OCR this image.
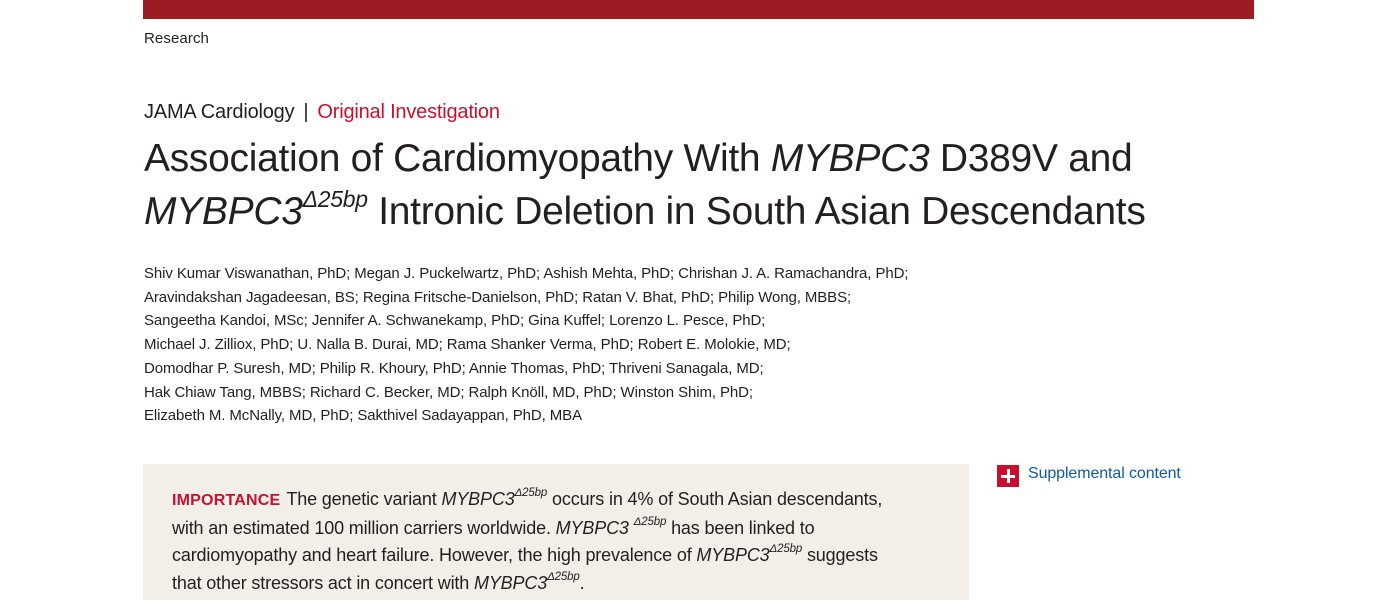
Research
JAMA Cardiology | Original Investigation
Association of Cardiomyopathy With MYBPC3 D389V and
$MYBPC3^{\Delta 25bp}$ Intronic Deletion in South Asian Descendants
Shiv Kumar Viswanathan, PhD; Megan J. Puckelwartz, PhD; Ashish Mehta, PhD; Chrishan J. A. Ramachandra, PhD;
Aravindakshan Jagadeesan, BS; Regina Fritsche-Danielson, PhD; Ratan V. Bhat, PhD; Philip Wong, MBBS;
Sangeetha Kandoi, MSc; Jennifer A. Schwanekamp, PhD; Gina Kuffel; Lorenzo L. Pesce, PhD;
Michael J. Zilliox, PhD; U. Nalla B. Durai, MD; Rama Shanker Verma, PhD; Robert E. Molokie, MD;
Domodhar P. Suresh, MD; Philip R. Khoury, PhD; Annie Thomas, PhD; Thriveni Sanagala, MD;
Hak Chiaw Tang, MBBS; Richard C. Becker, MD; Ralph Knöll, MD, PhD; Winston Shim, PhD;
Elizabeth M. McNally, MD, PhD; Sakthivel Sadayappan, PhD, MBA
Supplemental content
IMPORTANCE The genetic variant $MYBPC3^{\Delta 25bp}$ occurs in 4% of South Asian descendants,
with an estimated 100 million carriers worldwide. MYBPC3 $^{\Delta 25bp}$ has been linked to
cardiomyopathy and heart failure. However, the high prevalence of $MYBPC3^{\Delta 25bp}$ suggests
that other stressors act in concert with $MYBPC3^{\Delta 25bp}$.
